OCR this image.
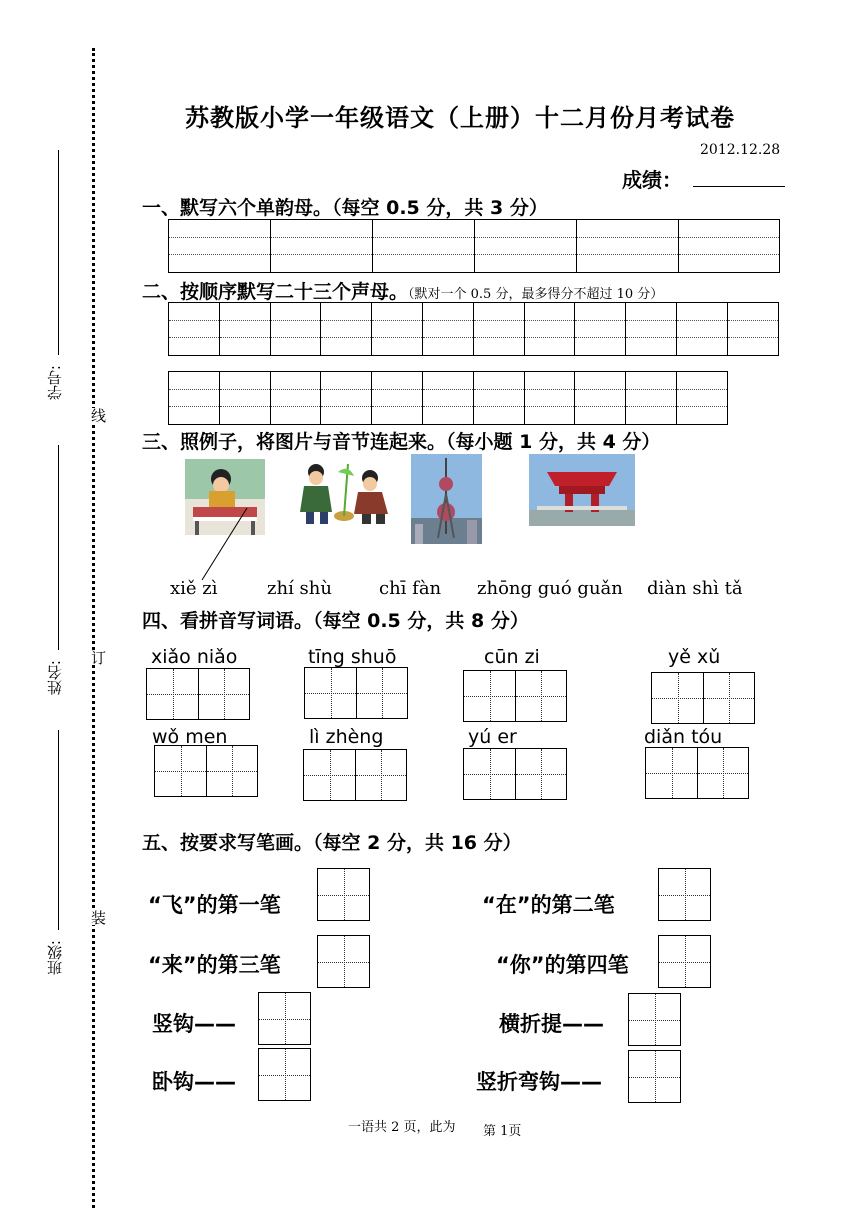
学号:
姓名:
班级:
线
订
装
苏教版小学一年级语文（上册）十二月份月考试卷
2012.12.28
成绩：
一、默写六个单韵母。（每空 0.5 分，共 3 分）
二、按顺序默写二十三个声母。（默对一个 0.5 分，最多得分不超过 10 分）
三、照例子，将图片与音节连起来。（每小题 1 分，共 4 分）
xiě zì	zhí shù	chī fàn zhōng guó guǎn diàn shì tǎ
四、看拼音写词语。（每空 0.5 分，共 8 分）
xiǎo niǎo	tīng shuō	cūn zi	yě xǔ
wǒ men	lì zhèng	yú er	diǎn tóu
五、按要求写笔画。（每空 2 分，共 16 分）
“飞”的第一笔	“在”的第二笔
“来”的第三笔	“你”的第四笔
竖钩——	横折提——
卧钩——	竖折弯钩——
一语共 2 页，此为 第 1页
